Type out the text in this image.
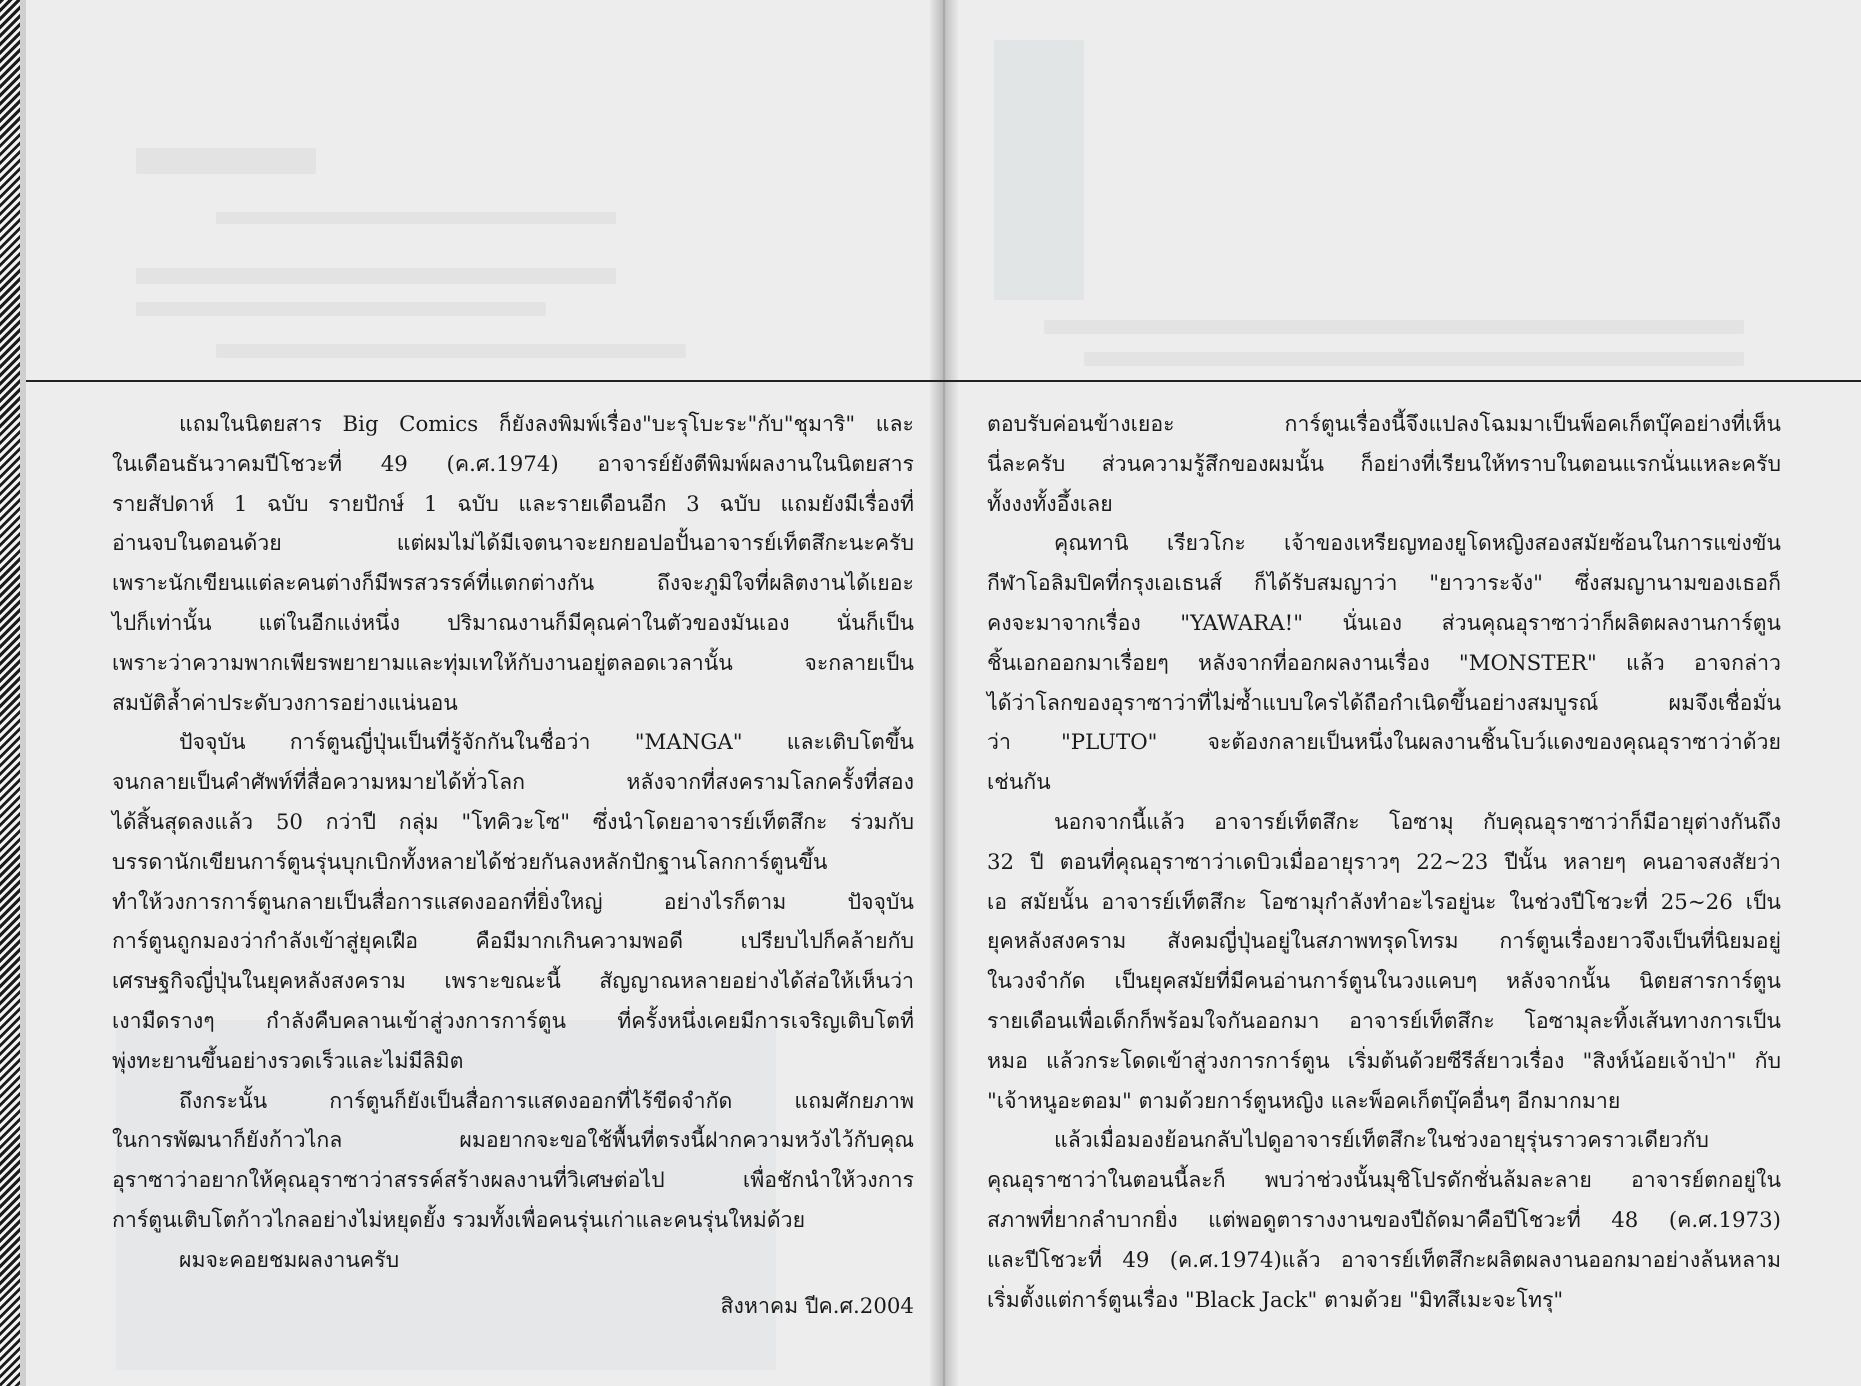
แถมในนิตยสาร Big Comics ก็ยังลงพิมพ์เรื่อง"บะรุโบะระ"กับ"ชุมาริ" และ

ในเดือนธันวาคมปีโชวะที่ 49 (ค.ศ.1974) อาจารย์ยังตีพิมพ์ผลงานในนิตยสาร

รายสัปดาห์ 1 ฉบับ รายปักษ์ 1 ฉบับ และรายเดือนอีก 3 ฉบับ แถมยังมีเรื่องที่

อ่านจบในตอนด้วย แต่ผมไม่ได้มีเจตนาจะยกยอปอปั้นอาจารย์เท็ตสึกะนะครับ

เพราะนักเขียนแต่ละคนต่างก็มีพรสวรรค์ที่แตกต่างกัน ถึงจะภูมิใจที่ผลิตงานได้เยอะ

ไปก็เท่านั้น แต่ในอีกแง่หนึ่ง ปริมาณงานก็มีคุณค่าในตัวของมันเอง นั่นก็เป็น

เพราะว่าความพากเพียรพยายามและทุ่มเทให้กับงานอยู่ตลอดเวลานั้น จะกลายเป็น

สมบัติล้ำค่าประดับวงการอย่างแน่นอน

ปัจจุบัน การ์ตูนญี่ปุ่นเป็นที่รู้จักกันในชื่อว่า "MANGA" และเติบโตขึ้น

จนกลายเป็นคำศัพท์ที่สื่อความหมายได้ทั่วโลก หลังจากที่สงครามโลกครั้งที่สอง

ได้สิ้นสุดลงแล้ว 50 กว่าปี กลุ่ม "โทคิวะโซ" ซึ่งนำโดยอาจารย์เท็ตสึกะ ร่วมกับ

บรรดานักเขียนการ์ตูนรุ่นบุกเบิกทั้งหลายได้ช่วยกันลงหลักปักฐานโลกการ์ตูนขึ้น

ทำให้วงการการ์ตูนกลายเป็นสื่อการแสดงออกที่ยิ่งใหญ่ อย่างไรก็ตาม ปัจจุบัน

การ์ตูนถูกมองว่ากำลังเข้าสู่ยุคเฝือ คือมีมากเกินความพอดี เปรียบไปก็คล้ายกับ

เศรษฐกิจญี่ปุ่นในยุคหลังสงคราม เพราะขณะนี้ สัญญาณหลายอย่างได้ส่อให้เห็นว่า

เงามืดรางๆ กำลังคืบคลานเข้าสู่วงการการ์ตูน ที่ครั้งหนึ่งเคยมีการเจริญเติบโตที่

พุ่งทะยานขึ้นอย่างรวดเร็วและไม่มีลิมิต

ถึงกระนั้น การ์ตูนก็ยังเป็นสื่อการแสดงออกที่ไร้ขีดจำกัด แถมศักยภาพ

ในการพัฒนาก็ยังก้าวไกล ผมอยากจะขอใช้พื้นที่ตรงนี้ฝากความหวังไว้กับคุณ

อุราซาว่าอยากให้คุณอุราซาว่าสรรค์สร้างผลงานที่วิเศษต่อไป เพื่อชักนำให้วงการ

การ์ตูนเติบโตก้าวไกลอย่างไม่หยุดยั้ง รวมทั้งเพื่อคนรุ่นเก่าและคนรุ่นใหม่ด้วย

ผมจะคอยชมผลงานครับ

สิงหาคม ปีค.ศ.2004

ตอบรับค่อนข้างเยอะ การ์ตูนเรื่องนี้จึงแปลงโฉมมาเป็นพ็อคเก็ตบุ๊คอย่างที่เห็น

นี่ละครับ ส่วนความรู้สึกของผมนั้น ก็อย่างที่เรียนให้ทราบในตอนแรกนั่นแหละครับ

ทั้งงงทั้งอึ้งเลย

คุณทานิ เรียวโกะ เจ้าของเหรียญทองยูโดหญิงสองสมัยซ้อนในการแข่งขัน

กีฬาโอลิมปิคที่กรุงเอเธนส์ ก็ได้รับสมญาว่า "ยาวาระจัง" ซึ่งสมญานามของเธอก็

คงจะมาจากเรื่อง "YAWARA!" นั่นเอง ส่วนคุณอุราซาว่าก็ผลิตผลงานการ์ตูน

ชิ้นเอกออกมาเรื่อยๆ หลังจากที่ออกผลงานเรื่อง "MONSTER" แล้ว อาจกล่าว

ได้ว่าโลกของอุราซาว่าที่ไม่ซ้ำแบบใครได้ถือกำเนิดขึ้นอย่างสมบูรณ์ ผมจึงเชื่อมั่น

ว่า "PLUTO" จะต้องกลายเป็นหนึ่งในผลงานชิ้นโบว์แดงของคุณอุราซาว่าด้วย

เช่นกัน

นอกจากนี้แล้ว อาจารย์เท็ตสึกะ โอซามุ กับคุณอุราซาว่าก็มีอายุต่างกันถึง

32 ปี ตอนที่คุณอุราซาว่าเดบิวเมื่ออายุราวๆ 22~23 ปีนั้น หลายๆ คนอาจสงสัยว่า

เอ สมัยนั้น อาจารย์เท็ตสึกะ โอซามุกำลังทำอะไรอยู่นะ ในช่วงปีโชวะที่ 25~26 เป็น

ยุคหลังสงคราม สังคมญี่ปุ่นอยู่ในสภาพทรุดโทรม การ์ตูนเรื่องยาวจึงเป็นที่นิยมอยู่

ในวงจำกัด เป็นยุคสมัยที่มีคนอ่านการ์ตูนในวงแคบๆ หลังจากนั้น นิตยสารการ์ตูน

รายเดือนเพื่อเด็กก็พร้อมใจกันออกมา อาจารย์เท็ตสึกะ โอซามุละทิ้งเส้นทางการเป็น

หมอ แล้วกระโดดเข้าสู่วงการการ์ตูน เริ่มต้นด้วยซีรีส์ยาวเรื่อง "สิงห์น้อยเจ้าป่า" กับ

"เจ้าหนูอะตอม" ตามด้วยการ์ตูนหญิง และพ็อคเก็ตบุ๊คอื่นๆ อีกมากมาย

แล้วเมื่อมองย้อนกลับไปดูอาจารย์เท็ตสึกะในช่วงอายุรุ่นราวคราวเดียวกับ

คุณอุราซาว่าในตอนนี้ละก็ พบว่าช่วงนั้นมุชิโปรดักชั่นล้มละลาย อาจารย์ตกอยู่ใน

สภาพที่ยากลำบากยิ่ง แต่พอดูตารางงานของปีถัดมาคือปีโชวะที่ 48 (ค.ศ.1973)

และปีโชวะที่ 49 (ค.ศ.1974)แล้ว อาจารย์เท็ตสึกะผลิตผลงานออกมาอย่างล้นหลาม

เริ่มตั้งแต่การ์ตูนเรื่อง "Black Jack" ตามด้วย "มิทสึเมะจะโทรุ"
